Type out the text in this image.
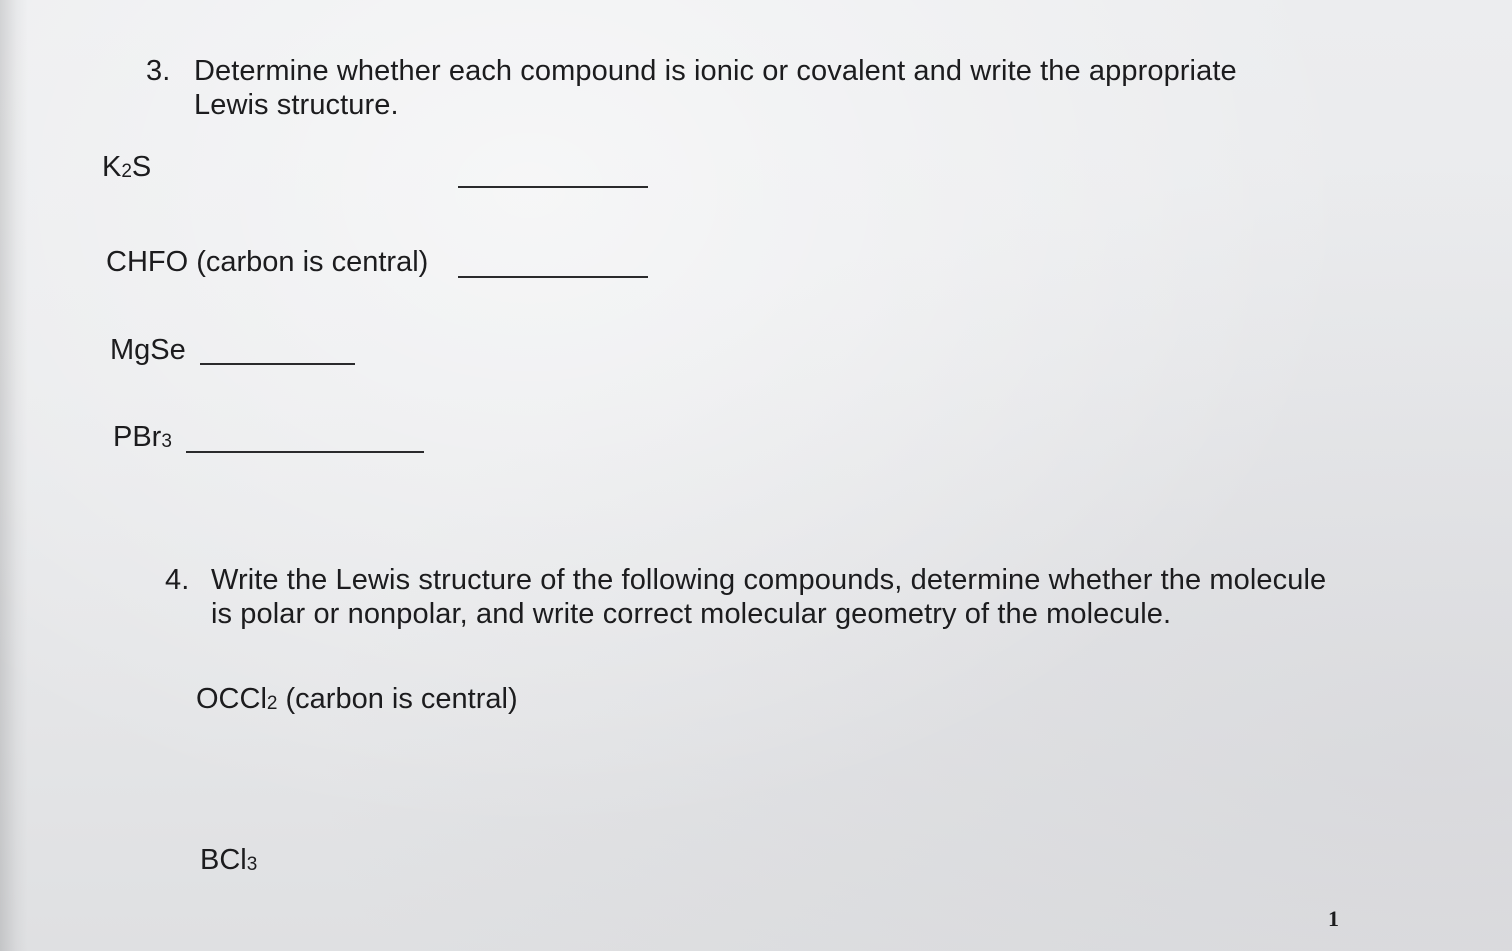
3. Determine whether each compound is ionic or covalent and write the appropriate
Lewis structure.
$K_2S$
CHFO (carbon is central)
MgSe
PBr$_3$
4. Write the Lewis structure of the following compounds, determine whether the molecule
is polar or nonpolar, and write correct molecular geometry of the molecule.
OCCl$_2$ (carbon is central)
BCl$_3$
1
